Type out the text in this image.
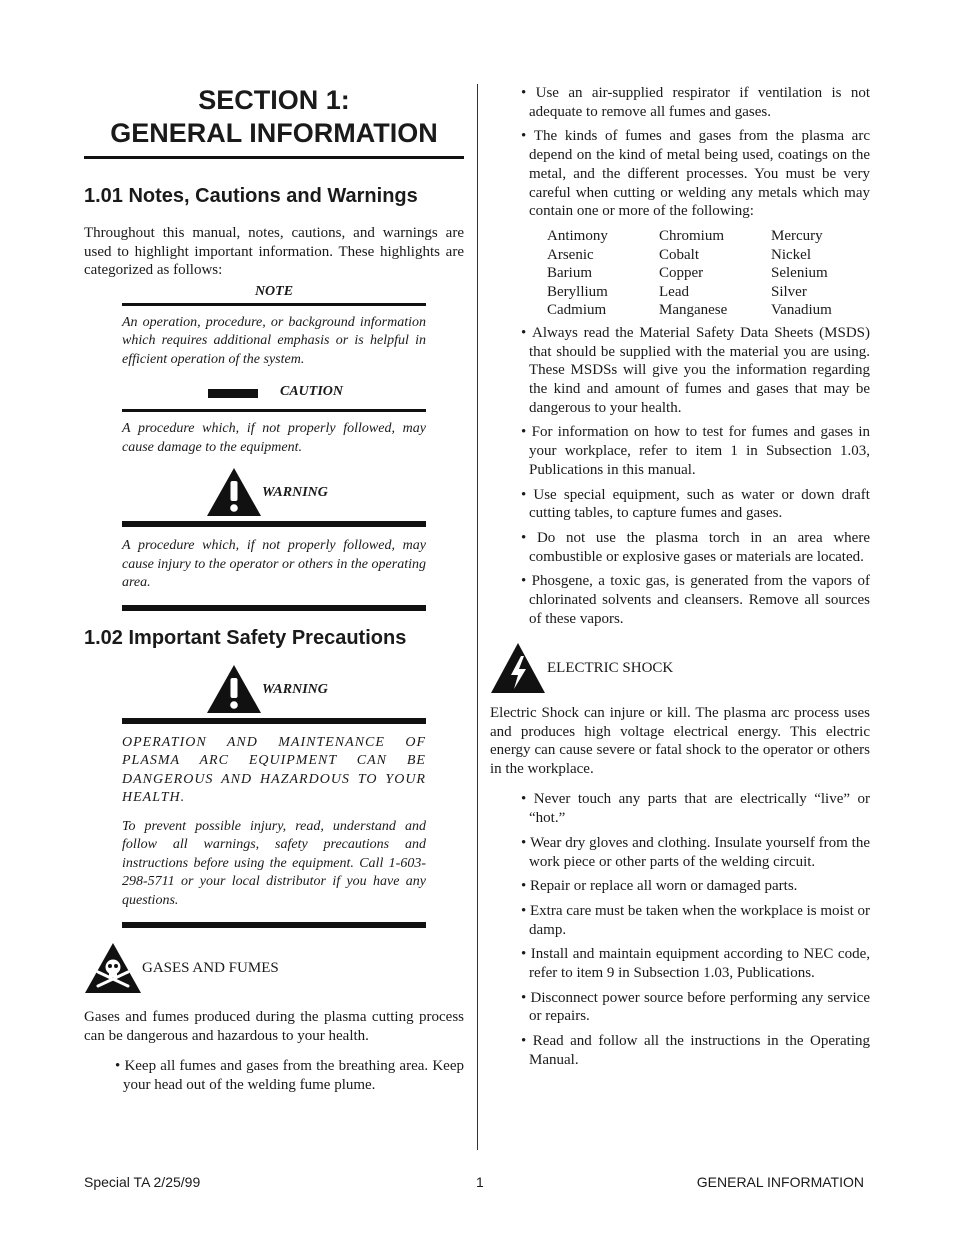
SECTION 1:
GENERAL INFORMATION
1.01 Notes, Cautions and Warnings

Throughout this manual, notes, cautions, and warnings are used to highlight important information. These highlights are categorized as follows:

NOTE

An operation, procedure, or background information which requires additional emphasis or is helpful in efficient operation of the system.

CAUTION

A procedure which, if not properly followed, may cause damage to the equipment.

WARNING

A procedure which, if not properly followed, may cause injury to the operator or others in the operating area.

1.02 Important Safety Precautions
WARNING

OPERATION AND MAINTENANCE OF PLASMA ARC EQUIPMENT CAN BE DANGEROUS AND HAZARDOUS TO YOUR HEALTH.

To prevent possible injury, read, understand and follow all warnings, safety precautions and instructions before using the equipment. Call 1-603-298-5711 or your local distributor if you have any questions.

GASES AND FUMES

Gases and fumes produced during the plasma cutting process can be dangerous and hazardous to your health.

• Keep all fumes and gases from the breathing area. Keep your head out of the welding fume plume.
• Use an air-supplied respirator if ventilation is not adequate to remove all fumes and gases.
• The kinds of fumes and gases from the plasma arc depend on the kind of metal being used, coatings on the metal, and the different processes. You must be very careful when cutting or welding any metals which may contain one or more of the following:
Antimony	Chromium	Mercury
Arsenic	Cobalt	Nickel
Barium	Copper	Selenium
Beryllium	Lead	Silver
Cadmium	Manganese	Vanadium
• Always read the Material Safety Data Sheets (MSDS) that should be supplied with the material you are using. These MSDSs will give you the information regarding the kind and amount of fumes and gases that may be dangerous to your health.
• For information on how to test for fumes and gases in your workplace, refer to item 1 in Subsection 1.03, Publications in this manual.
• Use special equipment, such as water or down draft cutting tables, to capture fumes and gases.
• Do not use the plasma torch in an area where combustible or explosive gases or materials are located.
• Phosgene, a toxic gas, is generated from the vapors of chlorinated solvents and cleansers. Remove all sources of these vapors.
ELECTRIC SHOCK

Electric Shock can injure or kill. The plasma arc process uses and produces high voltage electrical energy. This electric energy can cause severe or fatal shock to the operator or others in the workplace.

• Never touch any parts that are electrically “live” or “hot.”
• Wear dry gloves and clothing. Insulate yourself from the work piece or other parts of the welding circuit.
• Repair or replace all worn or damaged parts.
• Extra care must be taken when the workplace is moist or damp.
• Install and maintain equipment according to NEC code, refer to item 9 in Subsection 1.03, Publications.
• Disconnect power source before performing any service or repairs.
• Read and follow all the instructions in the Operating Manual.
Special TA 2/25/99	1	GENERAL INFORMATION
